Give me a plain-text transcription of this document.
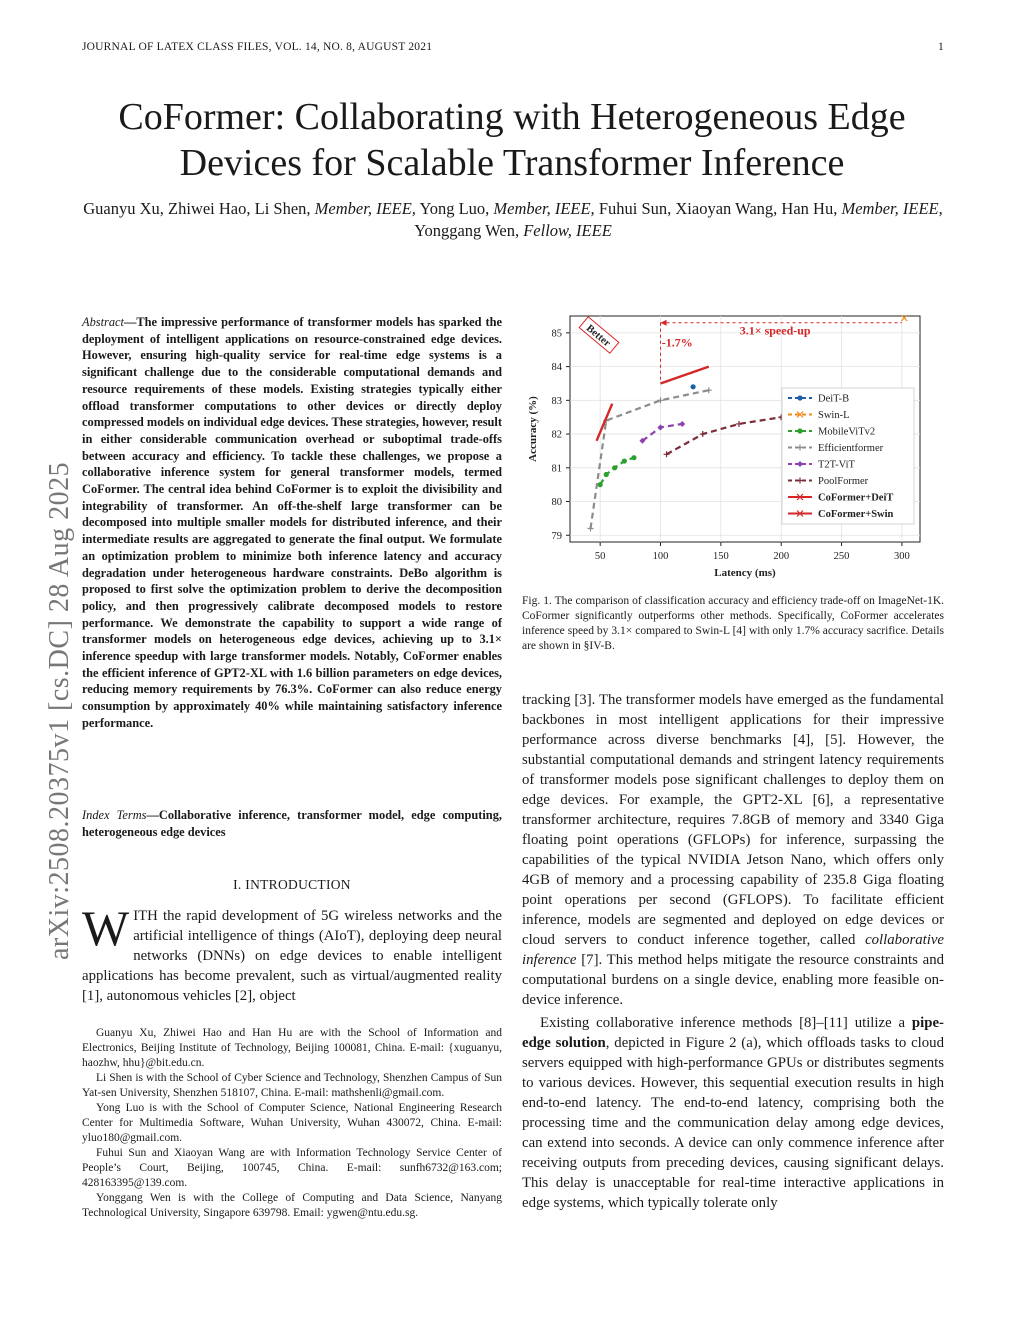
JOURNAL OF LATEX CLASS FILES, VOL. 14, NO. 8, AUGUST 2021	1
CoFormer: Collaborating with Heterogeneous Edge
Devices for Scalable Transformer Inference
Guanyu Xu, Zhiwei Hao, Li Shen, Member, IEEE, Yong Luo, Member, IEEE, Fuhui Sun, Xiaoyan Wang, Han Hu, Member, IEEE, Yonggang Wen, Fellow, IEEE
arXiv:2508.20375v1 [cs.DC] 28 Aug 2025
Abstract—The impressive performance of transformer models has sparked the deployment of intelligent applications on resource-constrained edge devices. However, ensuring high-quality service for real-time edge systems is a significant challenge due to the considerable computational demands and resource requirements of these models. Existing strategies typically either offload transformer computations to other devices or directly deploy compressed models on individual edge devices. These strategies, however, result in either considerable communication overhead or suboptimal trade-offs between accuracy and efficiency. To tackle these challenges, we propose a collaborative inference system for general transformer models, termed CoFormer. The central idea behind CoFormer is to exploit the divisibility and integrability of transformer. An off-the-shelf large transformer can be decomposed into multiple smaller models for distributed inference, and their intermediate results are aggregated to generate the final output. We formulate an optimization problem to minimize both inference latency and accuracy degradation under heterogeneous hardware constraints. DeBo algorithm is proposed to first solve the optimization problem to derive the decomposition policy, and then progressively calibrate decomposed models to restore performance. We demonstrate the capability to support a wide range of transformer models on heterogeneous edge devices, achieving up to 3.1× inference speedup with large transformer models. Notably, CoFormer enables the efficient inference of GPT2-XL with 1.6 billion parameters on edge devices, reducing memory requirements by 76.3%. CoFormer can also reduce energy consumption by approximately 40% while maintaining satisfactory inference performance.
Index Terms—Collaborative inference, transformer model, edge computing, heterogeneous edge devices
I. INTRODUCTION
WITH the rapid development of 5G wireless networks and the artificial intelligence of things (AIoT), deploying deep neural networks (DNNs) on edge devices to enable intelligent applications has become prevalent, such as virtual/augmented reality [1], autonomous vehicles [2], object

Guanyu Xu, Zhiwei Hao and Han Hu are with the School of Information and Electronics, Beijing Institute of Technology, Beijing 100081, China. E-mail: {xuguanyu, haozhw, hhu}@bit.edu.cn.

Li Shen is with the School of Cyber Science and Technology, Shenzhen Campus of Sun Yat-sen University, Shenzhen 518107, China. E-mail: mathshenli@gmail.com.

Yong Luo is with the School of Computer Science, National Engineering Research Center for Multimedia Software, Wuhan University, Wuhan 430072, China. E-mail: yluo180@gmail.com.

Fuhui Sun and Xiaoyan Wang are with Information Technology Service Center of People’s Court, Beijing, 100745, China. E-mail: sunfh6732@163.com; 428163395@139.com.

Yonggang Wen is with the College of Computing and Data Science, Nanyang Technological University, Singapore 639798. Email: ygwen@ntu.edu.sg.

50	100	150	200	250	300
79
80
81
82
83
84
85
Latency (ms)
Accuracy (%)
Better	3.1× speed-up
-1.7%
DeiT-B
Swin-L
MobileViTv2
Efficientformer
T2T-ViT
PoolFormer
CoFormer+DeiT
CoFormer+Swin
Fig. 1. The comparison of classification accuracy and efficiency trade-off on ImageNet-1K. CoFormer significantly outperforms other methods. Specifically, CoFormer accelerates inference speed by 3.1× compared to Swin-L [4] with only 1.7% accuracy sacrifice. Details are shown in §IV-B.

tracking [3]. The transformer models have emerged as the fundamental backbones in most intelligent applications for their impressive performance across diverse benchmarks [4], [5]. However, the substantial computational demands and stringent latency requirements of transformer models pose significant challenges to deploy them on edge devices. For example, the GPT2-XL [6], a representative transformer architecture, requires 7.8GB of memory and 3340 Giga floating point operations (GFLOPs) for inference, surpassing the capabilities of the typical NVIDIA Jetson Nano, which offers only 4GB of memory and a processing capability of 235.8 Giga floating point operations per second (GFLOPS). To facilitate efficient inference, models are segmented and deployed on edge devices or cloud servers to conduct inference together, called collaborative inference [7]. This method helps mitigate the resource constraints and computational burdens on a single device, enabling more feasible on-device inference.

Existing collaborative inference methods [8]–[11] utilize a pipe-edge solution, depicted in Figure 2 (a), which offloads tasks to cloud servers equipped with high-performance GPUs or distributes segments to various devices. However, this sequential execution results in high end-to-end latency. The end-to-end latency, comprising both the processing time and the communication delay among edge devices, can extend into seconds. A device can only commence inference after receiving outputs from preceding devices, causing significant delays. This delay is unacceptable for real-time interactive applications in edge systems, which typically tolerate only
